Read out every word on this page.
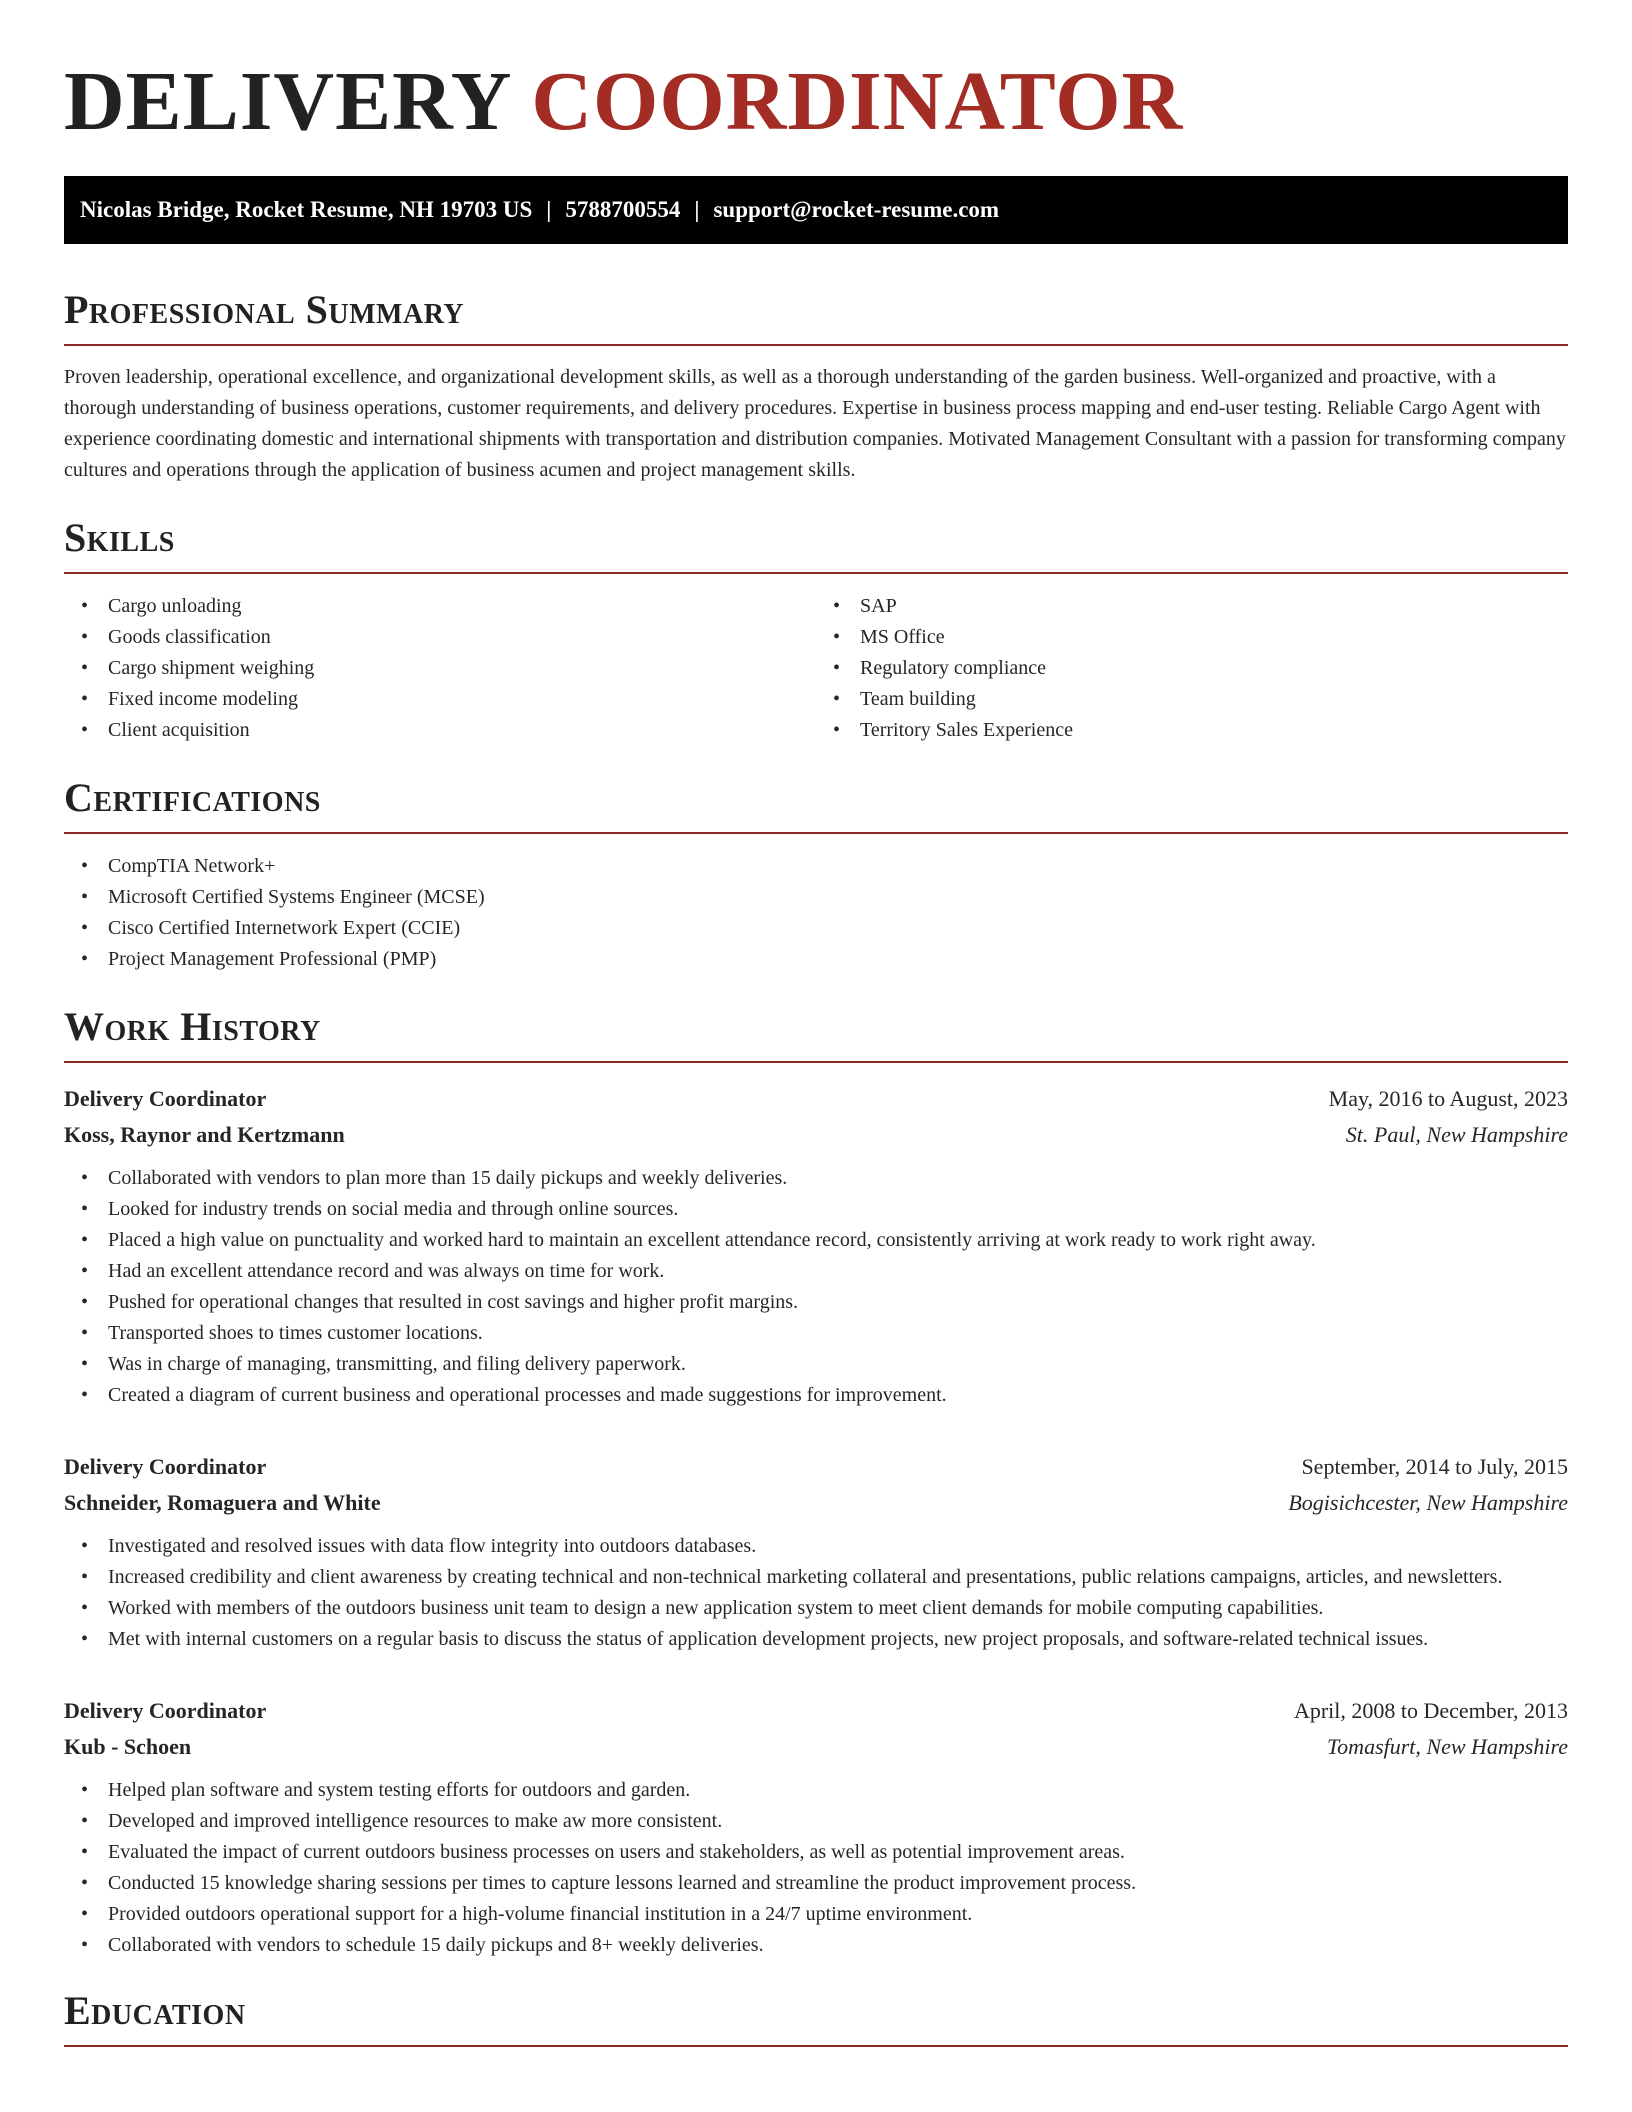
DELIVERY COORDINATOR
Nicolas Bridge, Rocket Resume, NH 19703 US | 5788700554 | support@rocket-resume.com
Professional Summary

Proven leadership, operational excellence, and organizational development skills, as well as a thorough understanding of the garden business. Well-organized and proactive, with a thorough understanding of business operations, customer requirements, and delivery procedures. Expertise in business process mapping and end-user testing. Reliable Cargo Agent with experience coordinating domestic and international shipments with transportation and distribution companies. Motivated Management Consultant with a passion for transforming company cultures and operations through the application of business acumen and project management skills.

Skills
• Cargo unloading
• Goods classification
• Cargo shipment weighing
• Fixed income modeling
• Client acquisition
• SAP
• MS Office
• Regulatory compliance
• Team building
• Territory Sales Experience
Certifications
• CompTIA Network+
• Microsoft Certified Systems Engineer (MCSE)
• Cisco Certified Internetwork Expert (CCIE)
• Project Management Professional (PMP)
Work History
Delivery Coordinator	May, 2016 to August, 2023
Koss, Raynor and Kertzmann	St. Paul, New Hampshire
• Collaborated with vendors to plan more than 15 daily pickups and weekly deliveries.
• Looked for industry trends on social media and through online sources.
• Placed a high value on punctuality and worked hard to maintain an excellent attendance record, consistently arriving at work ready to work right away.
• Had an excellent attendance record and was always on time for work.
• Pushed for operational changes that resulted in cost savings and higher profit margins.
• Transported shoes to times customer locations.
• Was in charge of managing, transmitting, and filing delivery paperwork.
• Created a diagram of current business and operational processes and made suggestions for improvement.
Delivery Coordinator	September, 2014 to July, 2015
Schneider, Romaguera and White	Bogisichcester, New Hampshire
• Investigated and resolved issues with data flow integrity into outdoors databases.
• Increased credibility and client awareness by creating technical and non-technical marketing collateral and presentations, public relations campaigns, articles, and newsletters.
• Worked with members of the outdoors business unit team to design a new application system to meet client demands for mobile computing capabilities.
• Met with internal customers on a regular basis to discuss the status of application development projects, new project proposals, and software-related technical issues.
Delivery Coordinator	April, 2008 to December, 2013
Kub - Schoen	Tomasfurt, New Hampshire
• Helped plan software and system testing efforts for outdoors and garden.
• Developed and improved intelligence resources to make aw more consistent.
• Evaluated the impact of current outdoors business processes on users and stakeholders, as well as potential improvement areas.
• Conducted 15 knowledge sharing sessions per times to capture lessons learned and streamline the product improvement process.
• Provided outdoors operational support for a high-volume financial institution in a 24/7 uptime environment.
• Collaborated with vendors to schedule 15 daily pickups and 8+ weekly deliveries.
Education
